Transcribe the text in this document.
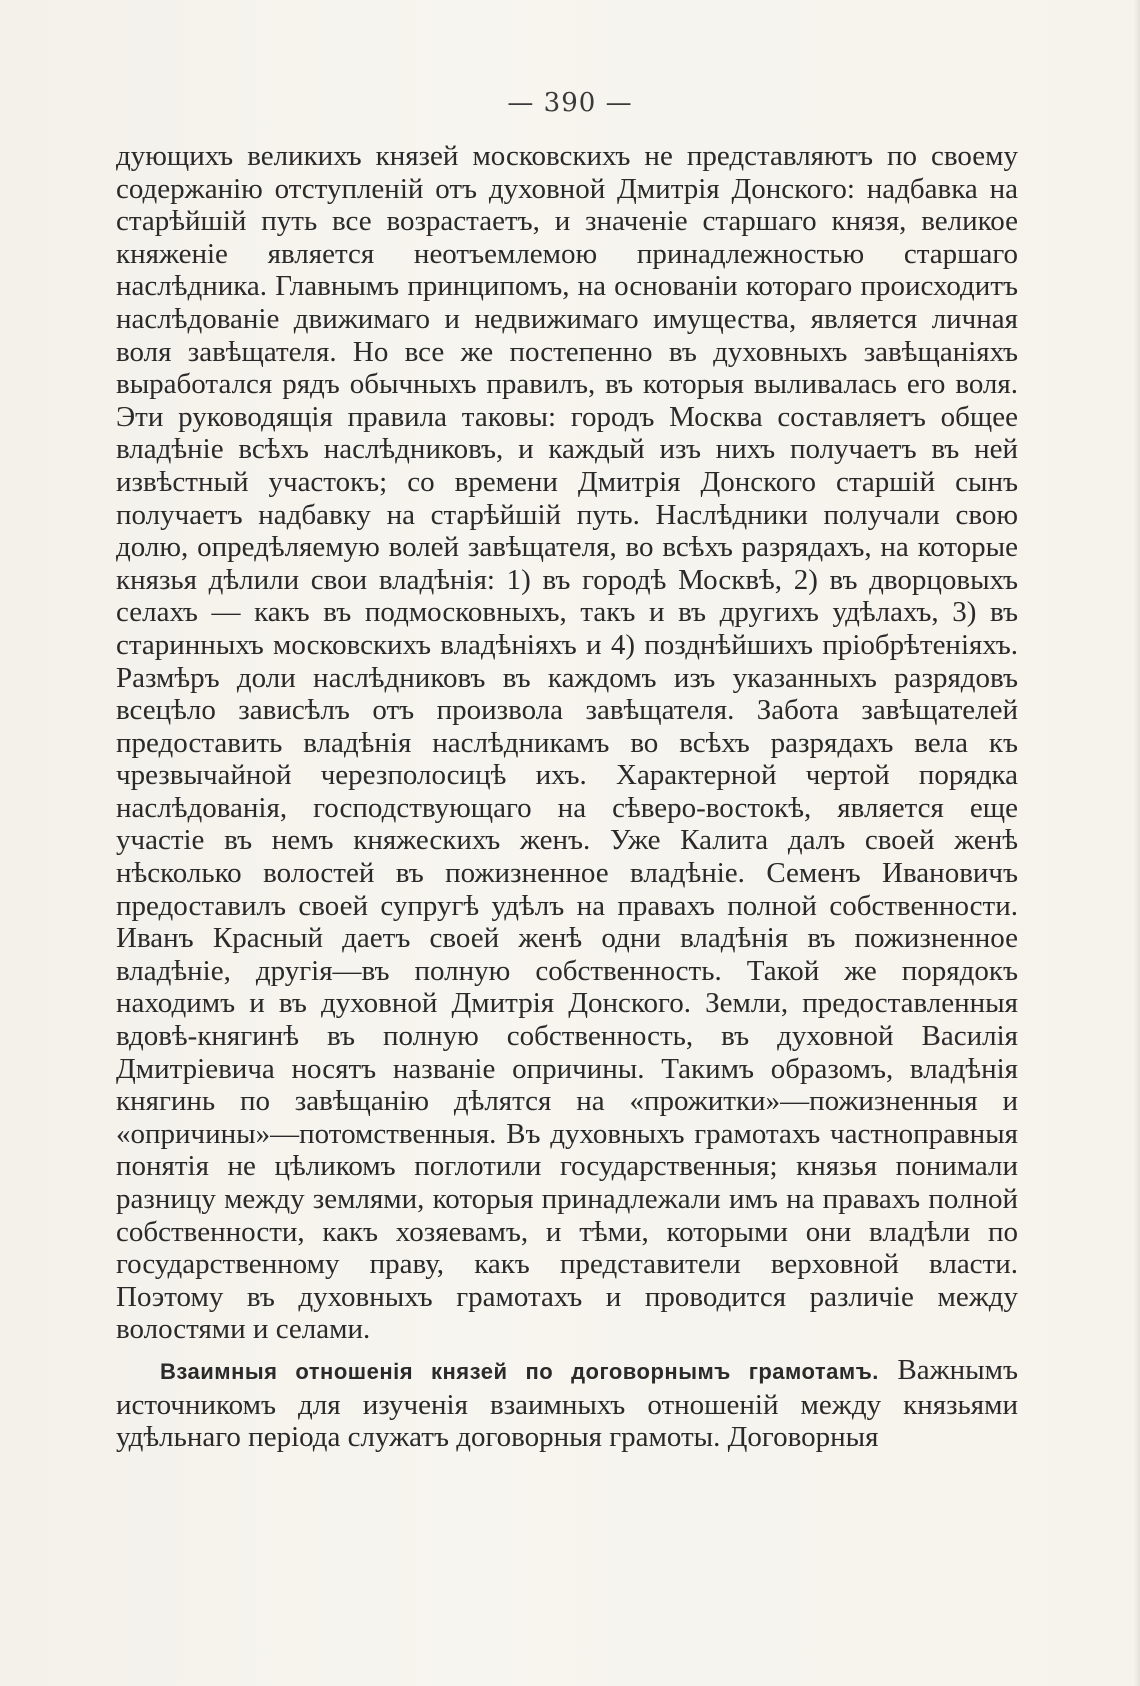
— 390 —

дующихъ великихъ князей московскихъ не представляютъ по своему содержанію отступленій отъ духовной Дмитрія Донского: надбавка на старѣйшій путь все возрастаетъ, и значеніе старшаго князя, великое княженіе является неотъемлемою принадлежностью старшаго наслѣдника. Главнымъ принципомъ, на основаніи котораго происходитъ наслѣдованіе движимаго и недвижимаго имущества, является личная воля завѣщателя. Но все же постепенно въ духовныхъ завѣщаніяхъ выработался рядъ обычныхъ правилъ, въ которыя выливалась его воля. Эти руководящія правила таковы: городъ Москва составляетъ общее владѣніе всѣхъ наслѣдниковъ, и каждый изъ нихъ получаетъ въ ней извѣстный участокъ; со времени Дмитрія Донского старшій сынъ получаетъ надбавку на старѣйшій путь. Наслѣдники получали свою долю, опредѣляемую волей завѣщателя, во всѣхъ разрядахъ, на которые князья дѣлили свои владѣнія: 1) въ городѣ Москвѣ, 2) въ дворцовыхъ селахъ — какъ въ подмосковныхъ, такъ и въ другихъ удѣлахъ, 3) въ старинныхъ московскихъ владѣніяхъ и 4) позднѣйшихъ пріобрѣтеніяхъ. Размѣръ доли наслѣдниковъ въ каждомъ изъ указанныхъ разрядовъ всецѣло зависѣлъ отъ произвола завѣщателя. Забота завѣщателей предоставить владѣнія наслѣдникамъ во всѣхъ разрядахъ вела къ чрезвычайной черезполосицѣ ихъ. Характерной чертой порядка наслѣдованія, господствующаго на сѣверо-востокѣ, является еще участіе въ немъ княжескихъ женъ. Уже Калита далъ своей женѣ нѣсколько волостей въ пожизненное владѣніе. Семенъ Ивановичъ предоставилъ своей супругѣ удѣлъ на правахъ полной собственности. Иванъ Красный даетъ своей женѣ одни владѣнія въ пожизненное владѣніе, другія—въ полную собственность. Такой же порядокъ находимъ и въ духовной Дмитрія Донского. Земли, предоставленныя вдовѣ-княгинѣ въ полную собственность, въ духовной Василія Дмитріевича носятъ названіе опричины. Такимъ образомъ, владѣнія княгинь по завѣщанію дѣлятся на «прожитки»—пожизненныя и «опричины»—потомственныя. Въ духовныхъ грамотахъ частноправныя понятія не цѣликомъ поглотили государственныя; князья понимали разницу между землями, которыя принадлежали имъ на правахъ полной собственности, какъ хозяевамъ, и тѣми, которыми они владѣли по государственному праву, какъ представители верховной власти. Поэтому въ духовныхъ грамотахъ и проводится различіе между волостями и селами.

Взаимныя отношенія князей по договорнымъ грамотамъ. Важнымъ источникомъ для изученія взаимныхъ отношеній между князьями удѣльнаго періода служатъ договорныя грамоты. Договорныя
